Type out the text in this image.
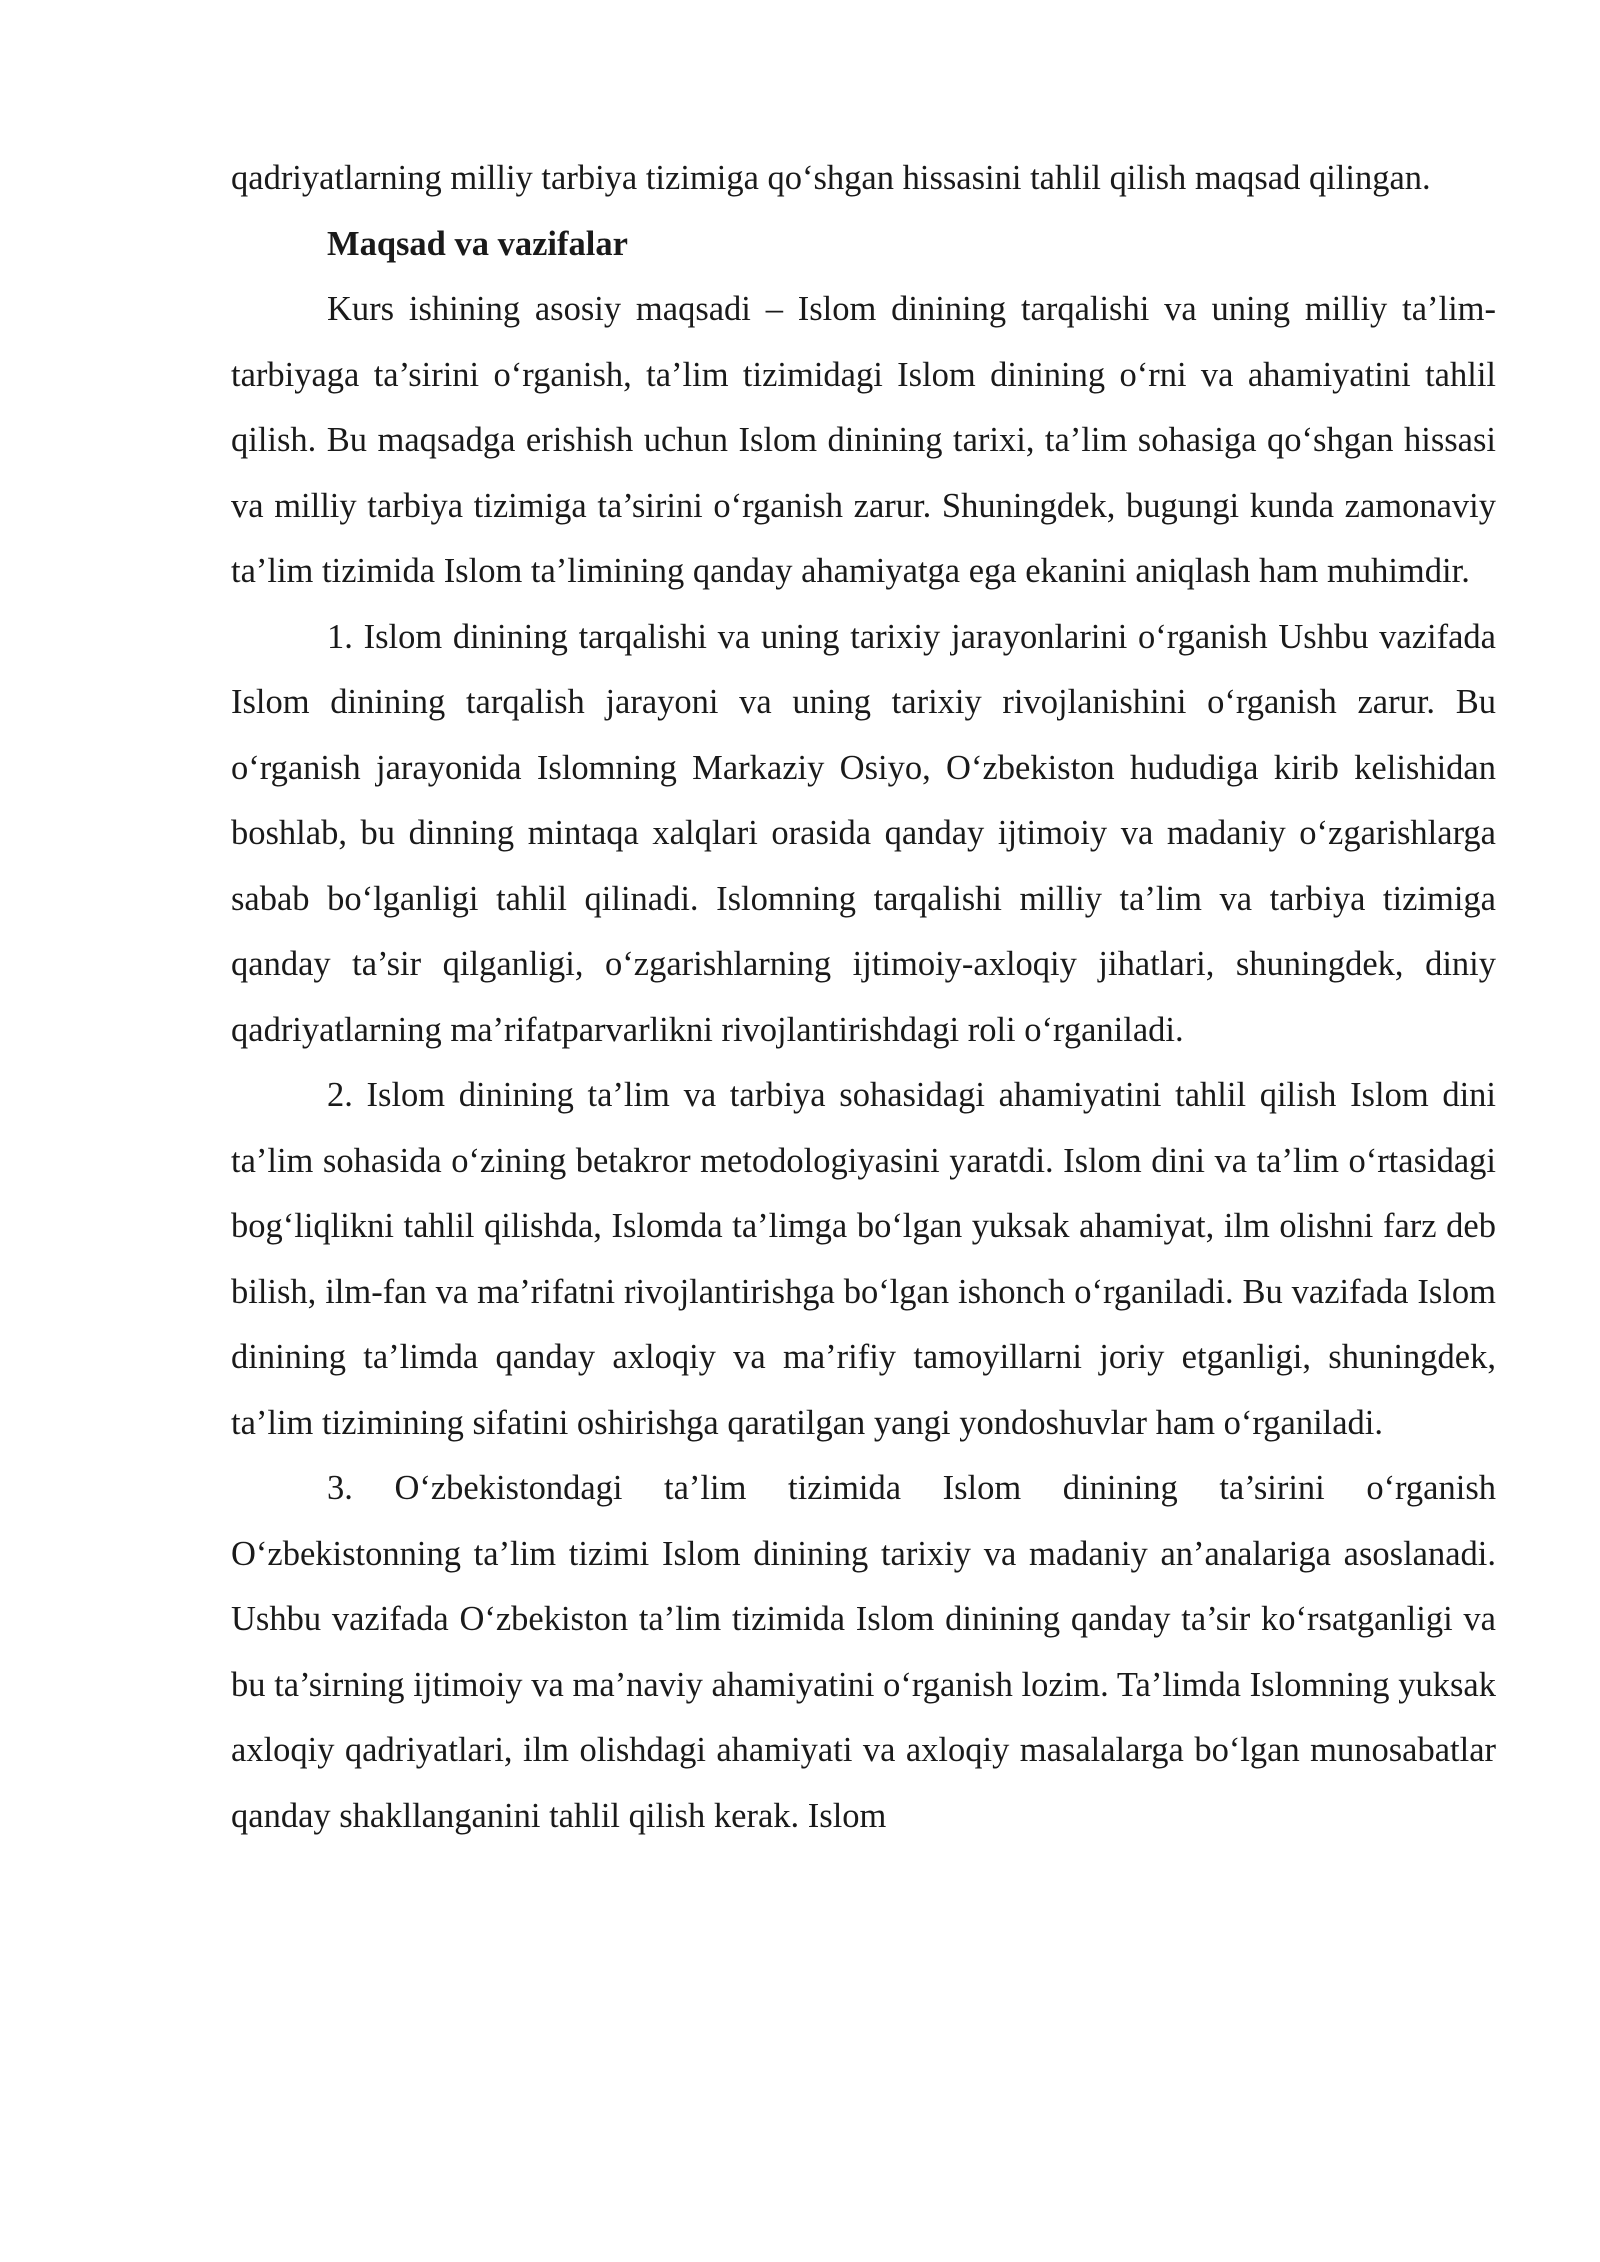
qadriyatlarning milliy tarbiya tizimiga qo‘shgan hissasini tahlil qilish maqsad qilingan.

Maqsad va vazifalar

Kurs ishining asosiy maqsadi – Islom dinining tarqalishi va uning milliy ta’lim-tarbiyaga ta’sirini o‘rganish, ta’lim tizimidagi Islom dinining o‘rni va ahamiyatini tahlil qilish. Bu maqsadga erishish uchun Islom dinining tarixi, ta’lim sohasiga qo‘shgan hissasi va milliy tarbiya tizimiga ta’sirini o‘rganish zarur. Shuningdek, bugungi kunda zamonaviy ta’lim tizimida Islom ta’limining qanday ahamiyatga ega ekanini aniqlash ham muhimdir.

1. Islom dinining tarqalishi va uning tarixiy jarayonlarini o‘rganish Ushbu vazifada Islom dinining tarqalish jarayoni va uning tarixiy rivojlanishini o‘rganish zarur. Bu o‘rganish jarayonida Islomning Markaziy Osiyo, O‘zbekiston hududiga kirib kelishidan boshlab, bu dinning mintaqa xalqlari orasida qanday ijtimoiy va madaniy o‘zgarishlarga sabab bo‘lganligi tahlil qilinadi. Islomning tarqalishi milliy ta’lim va tarbiya tizimiga qanday ta’sir qilganligi, o‘zgarishlarning ijtimoiy-axloqiy jihatlari, shuningdek, diniy qadriyatlarning ma’rifatparvarlikni rivojlantirishdagi roli o‘rganiladi.

2. Islom dinining ta’lim va tarbiya sohasidagi ahamiyatini tahlil qilish Islom dini ta’lim sohasida o‘zining betakror metodologiyasini yaratdi. Islom dini va ta’lim o‘rtasidagi bog‘liqlikni tahlil qilishda, Islomda ta’limga bo‘lgan yuksak ahamiyat, ilm olishni farz deb bilish, ilm-fan va ma’rifatni rivojlantirishga bo‘lgan ishonch o‘rganiladi. Bu vazifada Islom dinining ta’limda qanday axloqiy va ma’rifiy tamoyillarni joriy etganligi, shuningdek, ta’lim tizimining sifatini oshirishga qaratilgan yangi yondoshuvlar ham o‘rganiladi.

3. O‘zbekistondagi ta’lim tizimida Islom dinining ta’sirini o‘rganish O‘zbekistonning ta’lim tizimi Islom dinining tarixiy va madaniy an’analariga asoslanadi. Ushbu vazifada O‘zbekiston ta’lim tizimida Islom dinining qanday ta’sir ko‘rsatganligi va bu ta’sirning ijtimoiy va ma’naviy ahamiyatini o‘rganish lozim. Ta’limda Islomning yuksak axloqiy qadriyatlari, ilm olishdagi ahamiyati va axloqiy masalalarga bo‘lgan munosabatlar qanday shakllanganini tahlil qilish kerak. Islom
